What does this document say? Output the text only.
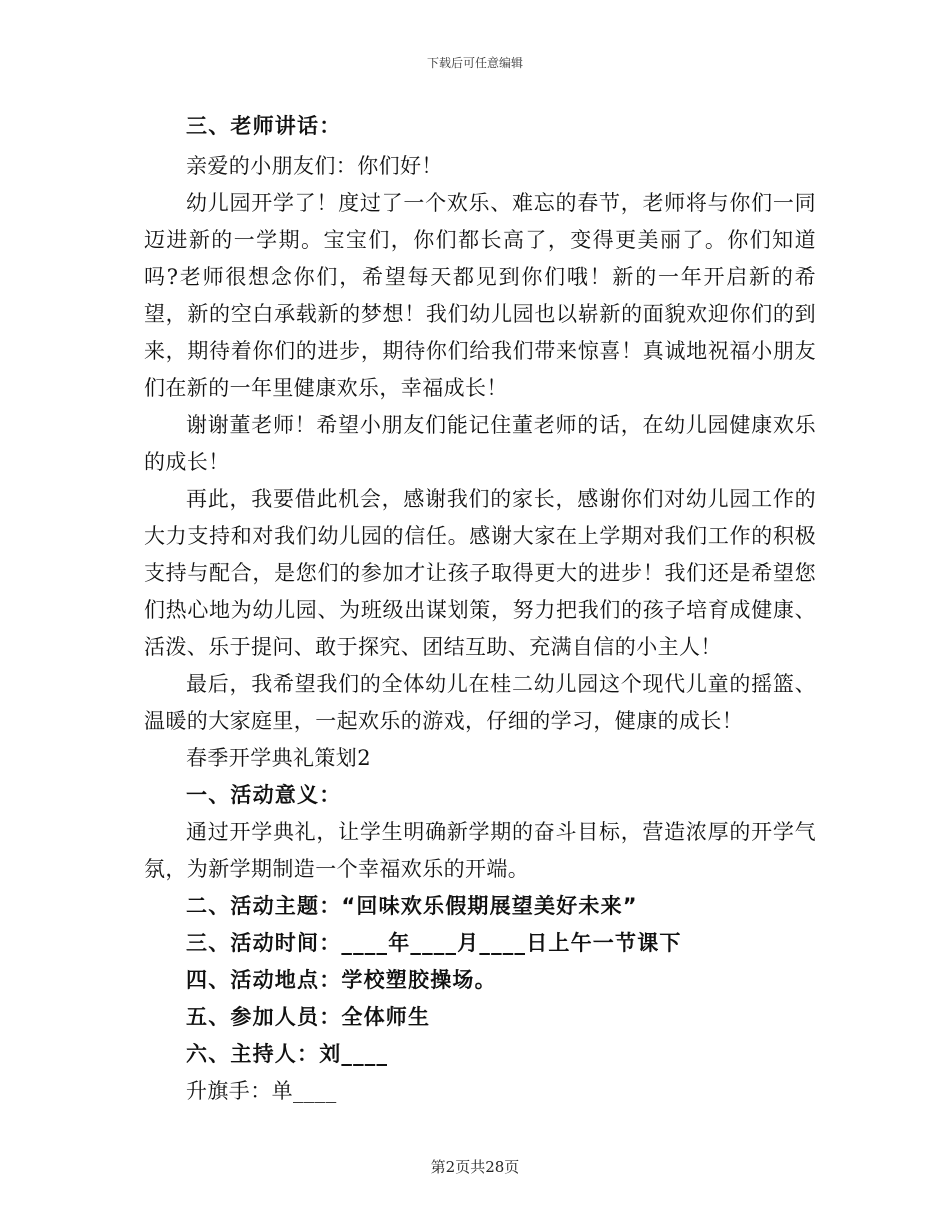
下载后可任意编辑

三、老师讲话：

亲爱的小朋友们：你们好！

幼儿园开学了！度过了一个欢乐、难忘的春节，老师将与你们一同迈进新的一学期。宝宝们，你们都长高了，变得更美丽了。你们知道吗?老师很想念你们，希望每天都见到你们哦！新的一年开启新的希望，新的空白承载新的梦想！我们幼儿园也以崭新的面貌欢迎你们的到来，期待着你们的进步，期待你们给我们带来惊喜！真诚地祝福小朋友们在新的一年里健康欢乐，幸福成长！

谢谢董老师！希望小朋友们能记住董老师的话，在幼儿园健康欢乐的成长！

再此，我要借此机会，感谢我们的家长，感谢你们对幼儿园工作的大力支持和对我们幼儿园的信任。感谢大家在上学期对我们工作的积极支持与配合，是您们的参加才让孩子取得更大的进步！我们还是希望您们热心地为幼儿园、为班级出谋划策，努力把我们的孩子培育成健康、活泼、乐于提问、敢于探究、团结互助、充满自信的小主人！

最后，我希望我们的全体幼儿在桂二幼儿园这个现代儿童的摇篮、温暖的大家庭里，一起欢乐的游戏，仔细的学习，健康的成长！

春季开学典礼策划2

一、活动意义：

通过开学典礼，让学生明确新学期的奋斗目标，营造浓厚的开学气氛，为新学期制造一个幸福欢乐的开端。

二、活动主题：“回味欢乐假期展望美好未来”

三、活动时间：____年____月____日上午一节课下

四、活动地点：学校塑胶操场。

五、参加人员：全体师生

六、主持人：刘____

升旗手：单____

第2页共28页
